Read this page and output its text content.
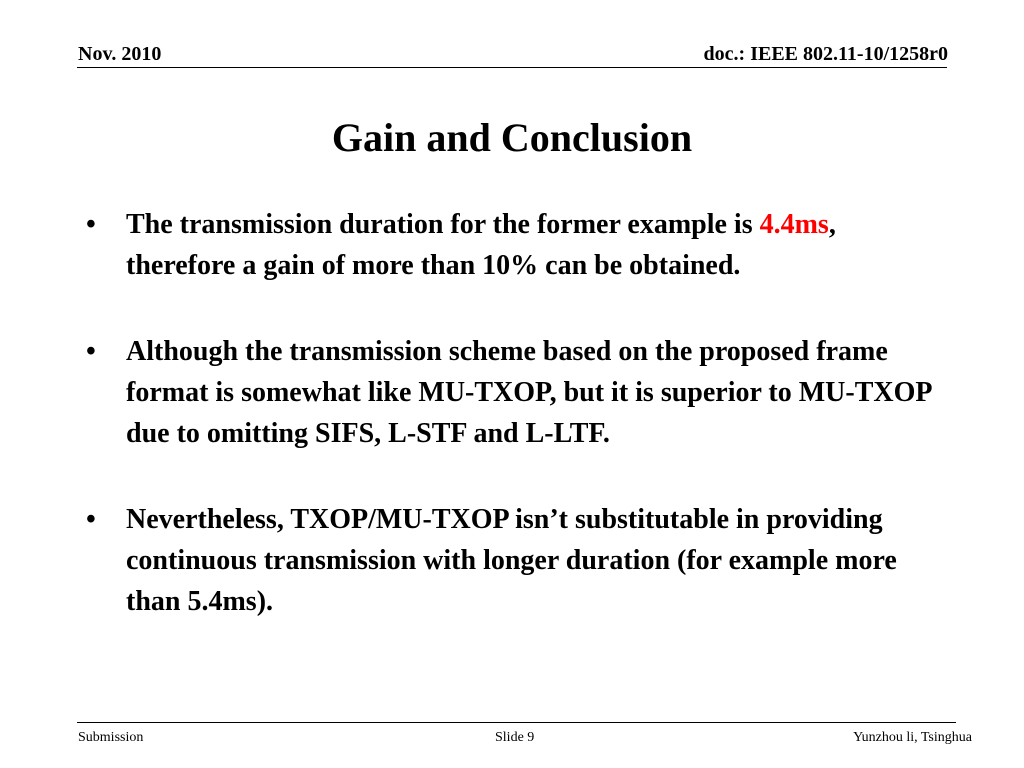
Nov. 2010	doc.: IEEE 802.11-10/1258r0
Gain and Conclusion
• The transmission duration for the former example is 4.4ms, therefore a gain of more than 10% can be obtained.
• Although the transmission scheme based on the proposed frame format is somewhat like MU-TXOP, but it is superior to MU-TXOP due to omitting SIFS, L-STF and L-LTF.
• Nevertheless, TXOP/MU-TXOP isn’t substitutable in providing continuous transmission with longer duration (for example more than 5.4ms).
Submission	Slide 9	Yunzhou li, Tsinghua
